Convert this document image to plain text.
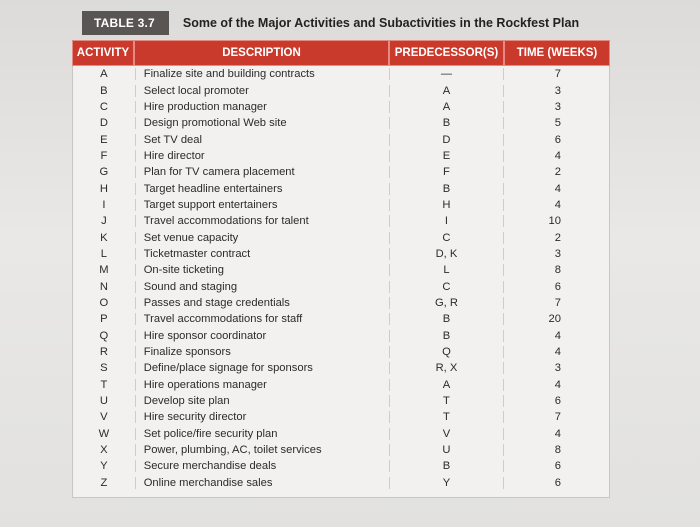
TABLE 3.7	Some of the Major Activities and Subactivities in the Rockfest Plan
ACTIVITY	DESCRIPTION	PREDECESSOR(S)	TIME (WEEKS)
A	Finalize site and building contracts	—	7
B	Select local promoter	A	3
C	Hire production manager	A	3
D	Design promotional Web site	B	5
E	Set TV deal	D	6
F	Hire director	E	4
G	Plan for TV camera placement	F	2
H	Target headline entertainers	B	4
I	Target support entertainers	H	4
J	Travel accommodations for talent	I	10
K	Set venue capacity	C	2
L	Ticketmaster contract	D, K	3
M	On-site ticketing	L	8
N	Sound and staging	C	6
O	Passes and stage credentials	G, R	7
P	Travel accommodations for staff	B	20
Q	Hire sponsor coordinator	B	4
R	Finalize sponsors	Q	4
S	Define/place signage for sponsors	R, X	3
T	Hire operations manager	A	4
U	Develop site plan	T	6
V	Hire security director	T	7
W	Set police/fire security plan	V	4
X	Power, plumbing, AC, toilet services	U	8
Y	Secure merchandise deals	B	6
Z	Online merchandise sales	Y	6
